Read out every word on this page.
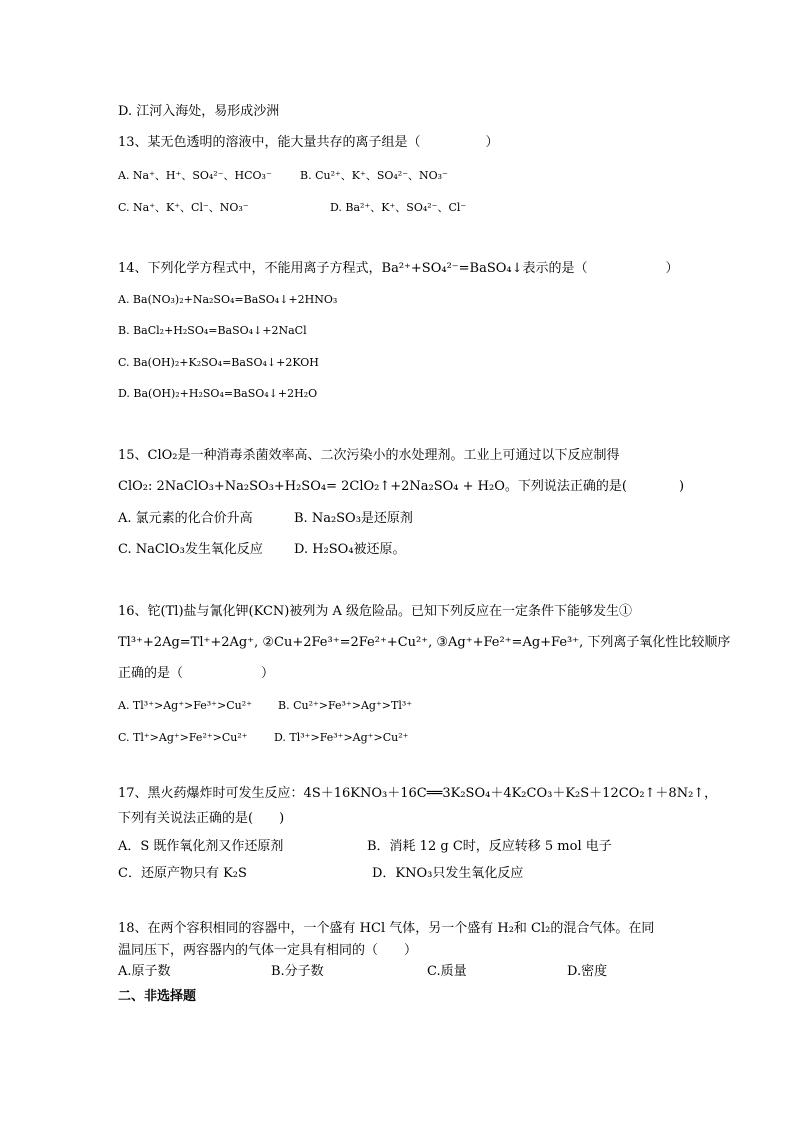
D. 江河入海处，易形成沙洲
13、某无色透明的溶液中，能大量共存的离子组是（　　　　　）
A. Na⁺、H⁺、SO₄²⁻、HCO₃⁻	B. Cu²⁺、K⁺、SO₄²⁻、NO₃⁻
C. Na⁺、K⁺、Cl⁻、NO₃⁻	D. Ba²⁺、K⁺、SO₄²⁻、Cl⁻
14、下列化学方程式中，不能用离子方程式，Ba²⁺+SO₄²⁻=BaSO₄↓表示的是（　　　　　　）
A. Ba(NO₃)₂+Na₂SO₄=BaSO₄↓+2HNO₃
B. BaCl₂+H₂SO₄=BaSO₄↓+2NaCl
C. Ba(OH)₂+K₂SO₄=BaSO₄↓+2KOH
D. Ba(OH)₂+H₂SO₄=BaSO₄↓+2H₂O
15、ClO₂是一种消毒杀菌效率高、二次污染小的水处理剂。工业上可通过以下反应制得
ClO₂: 2NaClO₃+Na₂SO₃+H₂SO₄= 2ClO₂↑+2Na₂SO₄ + H₂O。下列说法正确的是(　　　　)
A. 氯元素的化合价升高	B. Na₂SO₃是还原剂
C. NaClO₃发生氧化反应 D. H₂SO₄被还原。
16、铊(Tl)盐与氰化钾(KCN)被列为 A 级危险品。已知下列反应在一定条件下能够发生①
Tl³⁺+2Ag=Tl⁺+2Ag⁺, ②Cu+2Fe³⁺=2Fe²⁺+Cu²⁺, ③Ag⁺+Fe²⁺=Ag+Fe³⁺, 下列离子氧化性比较顺序
正确的是（　　　　　　）
A. Tl³⁺>Ag⁺>Fe³⁺>Cu²⁺ B. Cu²⁺>Fe³⁺>Ag⁺>Tl³⁺
C. Tl⁺>Ag⁺>Fe²⁺>Cu²⁺ D. Tl³⁺>Fe³⁺>Ag⁺>Cu²⁺
17、黑火药爆炸时可发生反应：4S＋16KNO₃＋16C══3K₂SO₄＋4K₂CO₃＋K₂S＋12CO₂↑＋8N₂↑，
下列有关说法正确的是(　　)
A．S 既作氧化剂又作还原剂	B．消耗 12 g C时，反应转移 5 mol 电子
C．还原产物只有 K₂S	D．KNO₃只发生氧化反应
18、在两个容积相同的容器中，一个盛有 HCl 气体，另一个盛有 H₂和 Cl₂的混合气体。在同
温同压下，两容器内的气体一定具有相同的（　　）
A.原子数	B.分子数	C.质量	D.密度
二、非选择题
